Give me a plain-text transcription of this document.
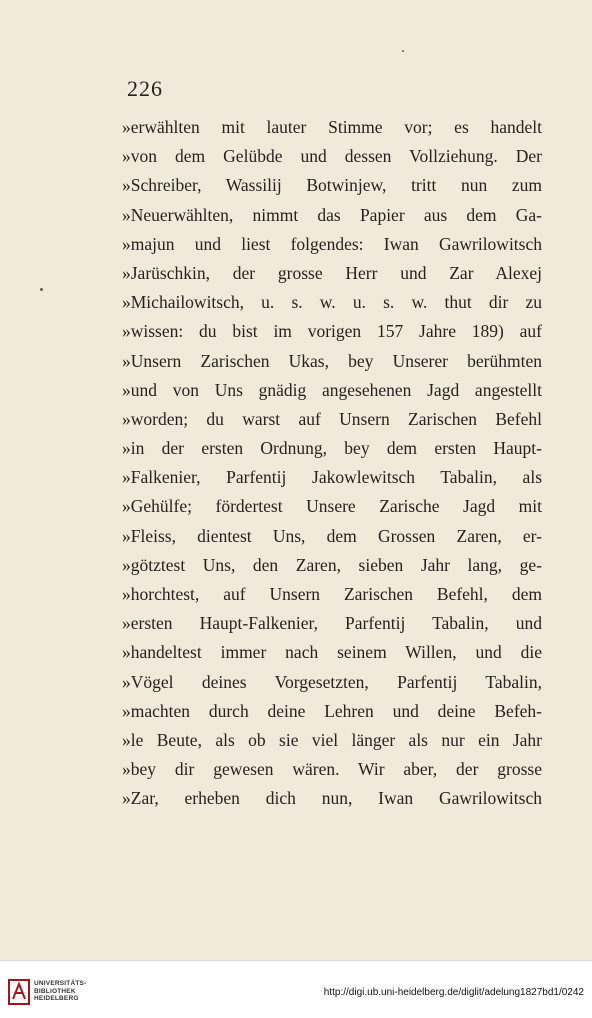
226
»erwählten mit lauter Stimme vor; es handelt
»von dem Gelübde und dessen Vollziehung. Der
»Schreiber, Wassilij Botwinjew, tritt nun zum
»Neuerwählten, nimmt das Papier aus dem Ga-
»majun und liest folgendes: Iwan Gawrilowitsch
»Jarüschkin, der grosse Herr und Zar Alexej
»Michailowitsch, u. s. w. u. s. w. thut dir zu
»wissen: du bist im vorigen 157 Jahre 189) auf
»Unsern Zarischen Ukas, bey Unserer berühmten
»und von Uns gnädig angesehenen Jagd angestellt
»worden; du warst auf Unsern Zarischen Befehl
»in der ersten Ordnung, bey dem ersten Haupt-
»Falkenier, Parfentij Jakowlewitsch Tabalin, als
»Gehülfe; fördertest Unsere Zarische Jagd mit
»Fleiss, dientest Uns, dem Grossen Zaren, er-
»götztest Uns, den Zaren, sieben Jahr lang, ge-
»horchtest, auf Unsern Zarischen Befehl, dem
»ersten Haupt-Falkenier, Parfentij Tabalin, und
»handeltest immer nach seinem Willen, und die
»Vögel deines Vorgesetzten, Parfentij Tabalin,
»machten durch deine Lehren und deine Befeh-
»le Beute, als ob sie viel länger als nur ein Jahr
»bey dir gewesen wären. Wir aber, der grosse
»Zar, erheben dich nun, Iwan Gawrilowitsch
UNIVERSITÄTS-
BIBLIOTHEK
HEIDELBERG
http://digi.ub.uni-heidelberg.de/diglit/adelung1827bd1/0242
